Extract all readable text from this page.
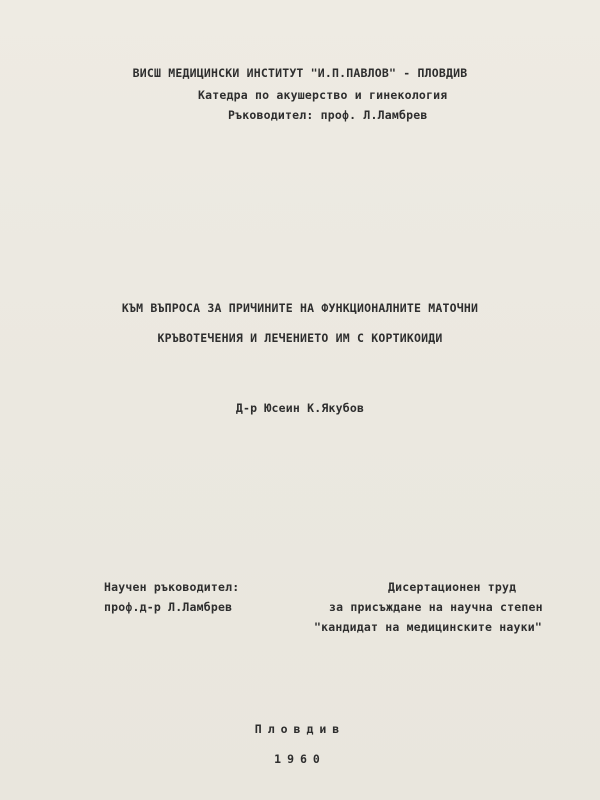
ВИСШ МЕДИЦИНСКИ ИНСТИТУТ "И.П.ПАВЛОВ" - ПЛОВДИВ
Катедра по акушерство и гинекология
Ръководител: проф. Л.Ламбрев
КЪМ ВЪПРОСА ЗА ПРИЧИНИТЕ НА ФУНКЦИОНАЛНИТЕ МАТОЧНИ
КРЪВОТЕЧЕНИЯ И ЛЕЧЕНИЕТО ИМ С КОРТИКОИДИ
Д-р Юсеин К.Якубов
Научен ръководител:
проф.д-р Л.Ламбрев
Дисертационен труд
за присъждане на научна степен
"кандидат на медицинските науки"
Пловдив
1960
